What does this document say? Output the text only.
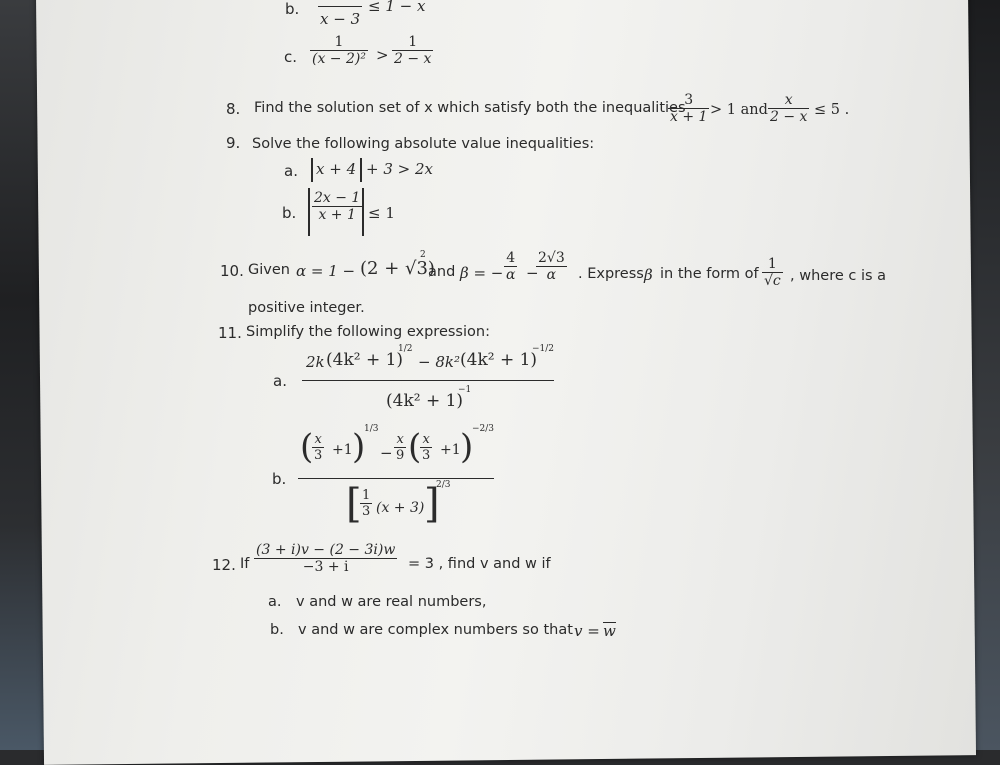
b.
x − 3
≤ 1 − x
c. $\frac{1}{\text{(x − 2)²}} > \frac{1}{2 - x}$
8. Find the solution set of x which satisfy both the inequalities
$\frac{3}{x + 1} > 1$ and $\frac{x}{2 - x} \le 5$ .
9. Solve the following absolute value inequalities:
a. x + 4 + 3 > 2x
b. $\frac{2x - 1}{x + 1} \le 1$
10. Given α = 1 − (2 + √3)
2
and β = − $\frac{4}{\alpha}$ −
$\frac{2√3}{\alpha}$ . Express β in the form of $\frac{1}{√c}$ , where c is a
positive integer.
11. Simplify the following expression:
a.
2k (4k² + 1)
1/2
− 8k² (4k² + 1)
−1/2
(4k² + 1)
−1
b.
(
$\frac{x}{3} +1$ )
1/3
− $\frac{x}{9}$ (
$\frac{x}{3} +1$ )
−2/3
[
$\frac{1}{3} (x + 3)$ ]
2/3
12. If $\frac{(3 + i)v - (2 - 3i)w}{-3 + i} = 3$ , find v and w if
a. v and w are real numbers,
b. v and w are complex numbers so that v = w
